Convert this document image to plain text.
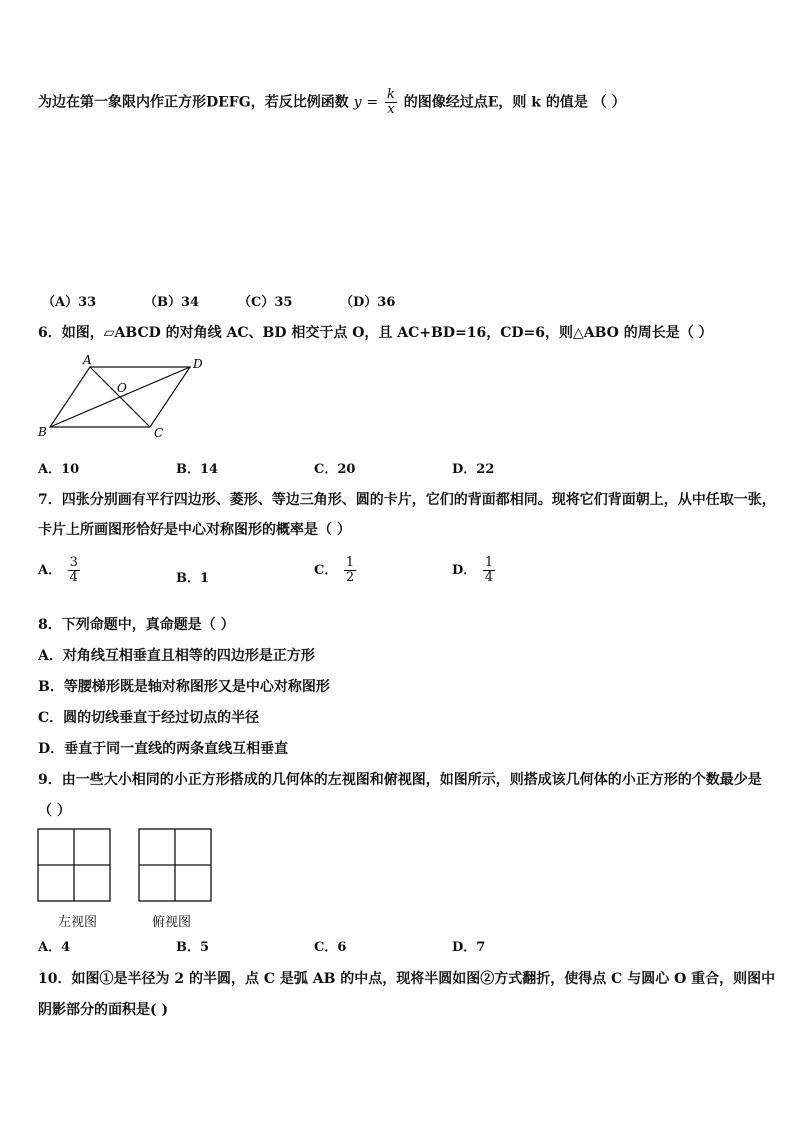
为边在第一象限内作正方形DEFG，若反比例函数 $y = \frac{k}{x}$ 的图像经过点E，则 k 的值是 （ ）
（A）33	（B）34	（C）35	（D）36
6．如图，▱ABCD 的对角线 AC、BD 相交于点 O，且 AC+BD=16，CD=6，则△ABO 的周长是（ ）
A	D
O
B	C
A．10	B．14	C．20	D．22
7．四张分别画有平行四边形、菱形、等边三角形、圆的卡片，它们的背面都相同。现将它们背面朝上，从中任取一张，
卡片上所画图形恰好是中心对称图形的概率是（ ）
A． $\frac{3}{4}$	B．1
C． $\frac{1}{2}$	D． $\frac{1}{4}$
8．下列命题中，真命题是（ ）
A．对角线互相垂直且相等的四边形是正方形
B．等腰梯形既是轴对称图形又是中心对称图形
C．圆的切线垂直于经过切点的半径
D．垂直于同一直线的两条直线互相垂直
9．由一些大小相同的小正方形搭成的几何体的左视图和俯视图，如图所示，则搭成该几何体的小正方形的个数最少是
（ ）
左视图	俯视图
A．4	B．5	C．6	D．7
10．如图①是半径为 2 的半圆，点 C 是弧 AB 的中点，现将半圆如图②方式翻折，使得点 C 与圆心 O 重合，则图中
阴影部分的面积是( )
